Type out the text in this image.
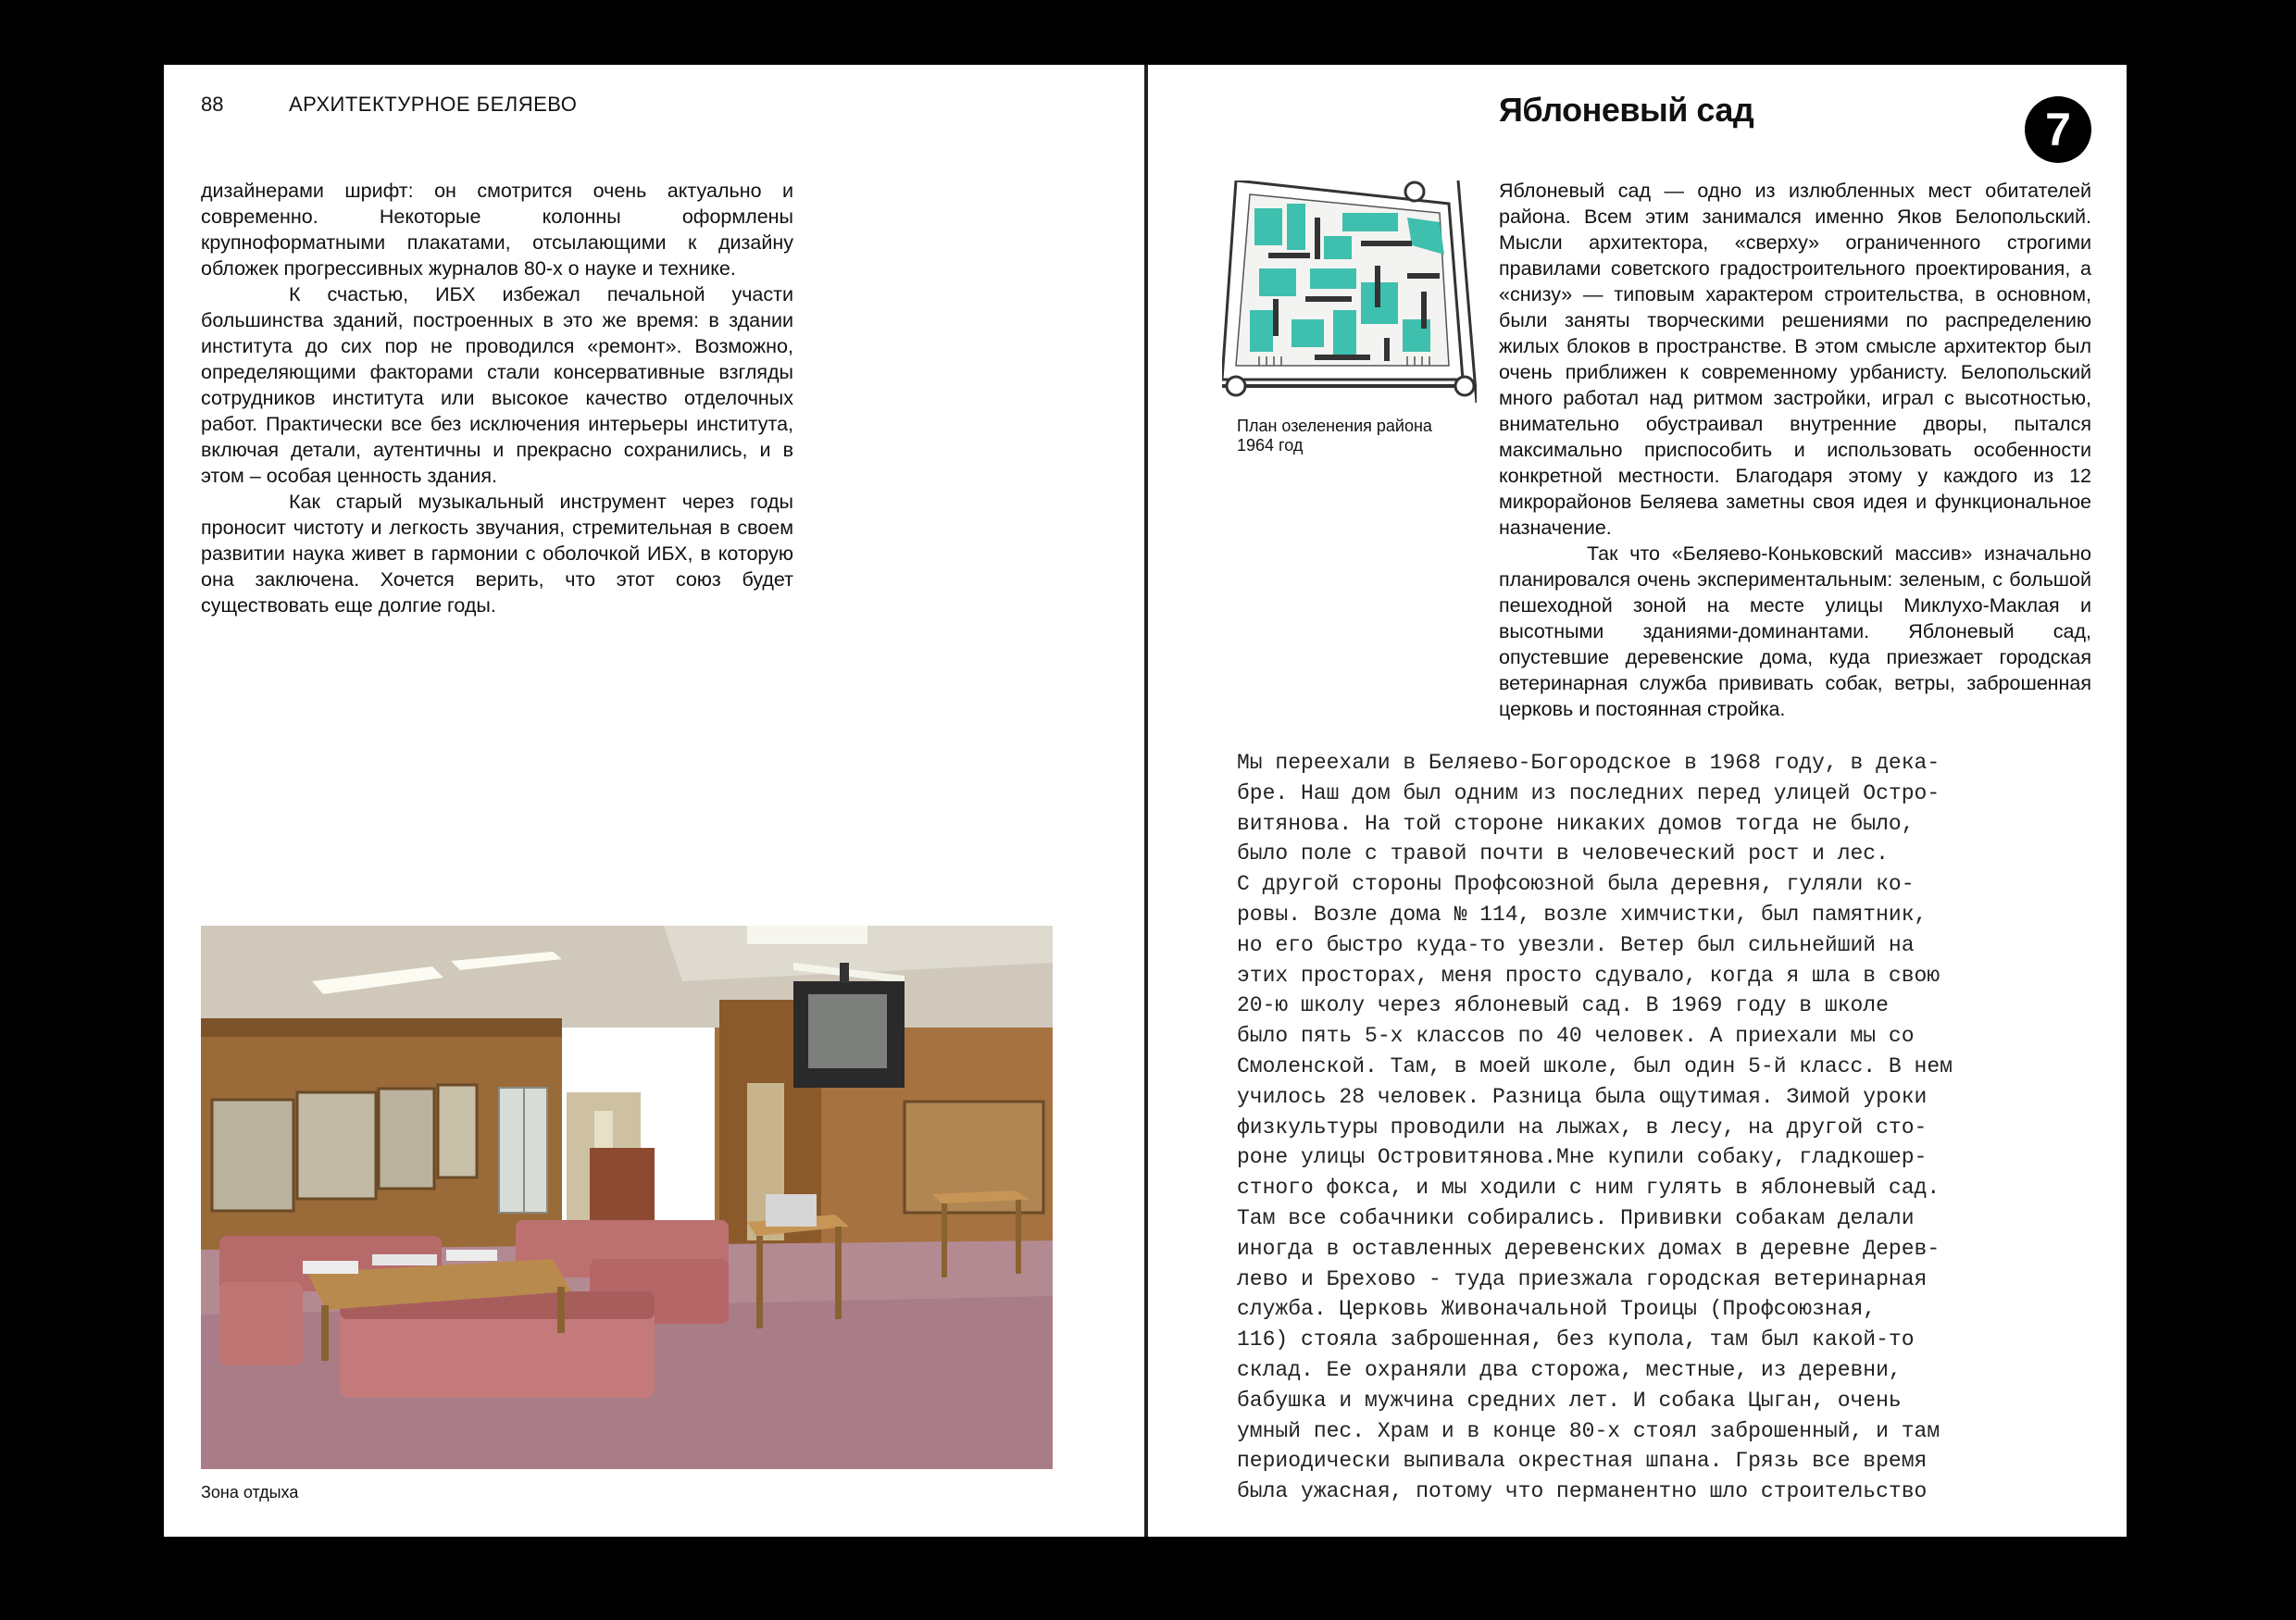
88	АРХИТЕКТУРНОЕ БЕЛЯЕВО

дизайнерами шрифт: он смотрится очень актуально и современно. Некоторые колонны оформлены крупноформатными плакатами, отсылающими к дизайну обложек прогрессивных журналов 80-х о науке и технике.

К счастью, ИБХ избежал печальной участи большинства зданий, построенных в это же время: в здании института до сих пор не проводился «ремонт». Возможно, определяющими факторами стали консервативные взгляды сотрудников института или высокое качество отделочных работ. Практически все без исключения интерьеры института, включая детали, аутентичны и прекрасно сохранились, и в этом – особая ценность здания.

Как старый музыкальный инструмент через годы проносит чистоту и легкость звучания, стремительная в своем развитии наука живет в гармонии с оболочкой ИБХ, в которую она заключена. Хочется верить, что этот союз будет существовать еще долгие годы.

Зона отдыха
Яблоневый сад	7
План озеленения района
1964 год

Яблоневый сад — одно из излюбленных мест обитателей района. Всем этим занимался именно Яков Белопольский. Мысли архитектора, «сверху» ограниченного строгими правилами советского градостроительного проектирования, а «снизу» — типовым характером строительства, в основном, были заняты творческими решениями по распределению жилых блоков в пространстве. В этом смысле архитектор был очень приближен к современному урбанисту. Белопольский много работал над ритмом застройки, играл с высотностью, внимательно обустраивал внутренние дворы, пытался максимально приспособить и использовать особенности конкретной местности. Благодаря этому у каждого из 12 микрорайонов Беляева заметны своя идея и функциональное назначение.

Так что «Беляево-Коньковский массив» изначально планировался очень экспериментальным: зеленым, с большой пешеходной зоной на месте улицы Миклухо-Маклая и высотными зданиями-доминантами. Яблоневый сад, опустевшие деревенские дома, куда приезжает городская ветеринарная служба прививать собак, ветры, заброшенная церковь и постоянная стройка.

Мы переехали в Беляево-Богородское в 1968 году, в дека-
бре. Наш дом был одним из последних перед улицей Остро-
витянова. На той стороне никаких домов тогда не было,
было поле с травой почти в человеческий рост и лес.
С другой стороны Профсоюзной была деревня, гуляли ко-
ровы. Возле дома № 114, возле химчистки, был памятник,
но его быстро куда-то увезли. Ветер был сильнейший на
этих просторах, меня просто сдувало, когда я шла в свою
20-ю школу через яблоневый сад. В 1969 году в школе
было пять 5-х классов по 40 человек. А приехали мы со
Смоленской. Там, в моей школе, был один 5-й класс. В нем
училось 28 человек. Разница была ощутимая. Зимой уроки
физкультуры проводили на лыжах, в лесу, на другой сто-
роне улицы Островитянова.Мне купили собаку, гладкошер-
стного фокса, и мы ходили с ним гулять в яблоневый сад.
Там все собачники собирались. Прививки собакам делали
иногда в оставленных деревенских домах в деревне Дерев-
лево и Брехово - туда приезжала городская ветеринарная
служба. Церковь Живоначальной Троицы (Профсоюзная,
116) стояла заброшенная, без купола, там был какой-то
склад. Ее охраняли два сторожа, местные, из деревни,
бабушка и мужчина средних лет. И собака Цыган, очень
умный пес. Храм и в конце 80-х стоял заброшенный, и там
периодически выпивала окрестная шпана. Грязь все время
была ужасная, потому что перманентно шло строительство
